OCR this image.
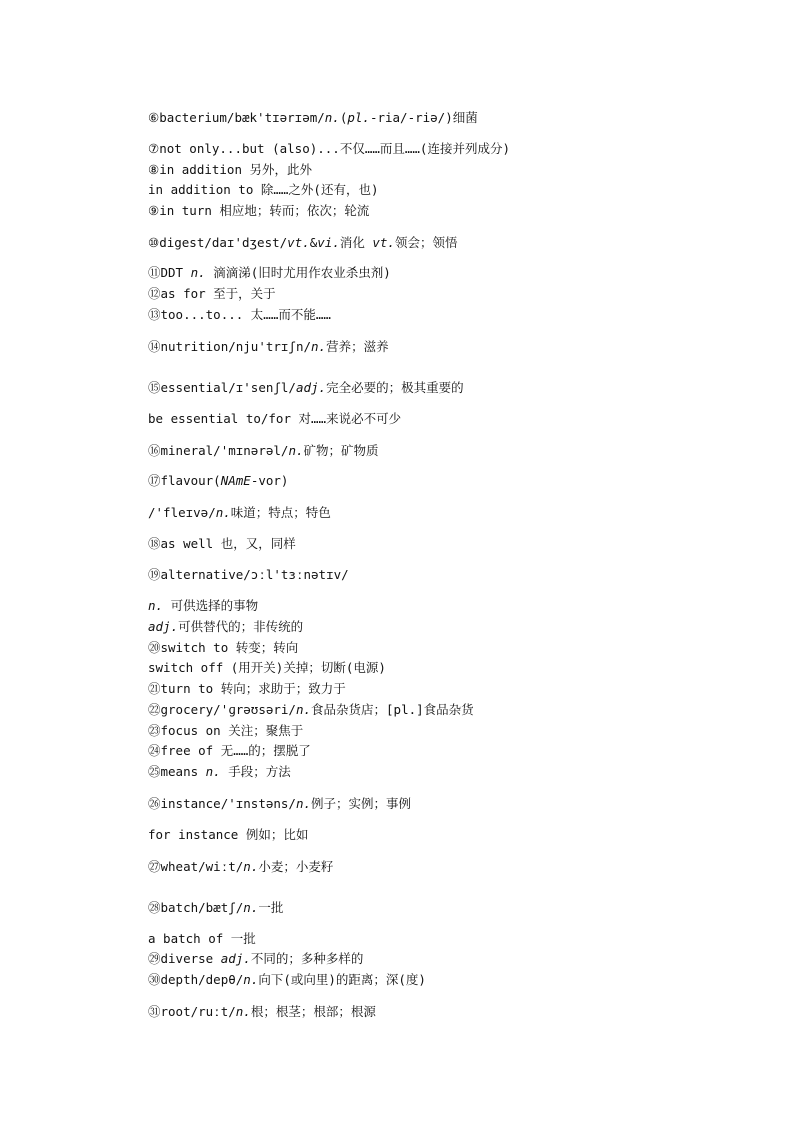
⑥bacterium/bæk'tɪərɪəm/n.(pl.-ria/-riə/)细菌
⑦not only...but (also)...不仅……而且……(连接并列成分)
⑧in addition 另外，此外
in addition to 除……之外(还有，也)
⑨in turn 相应地；转而；依次；轮流
⑩digest/daɪ'dʒest/vt.&vi.消化 vt.领会；领悟
⑪DDT n. 滴滴涕(旧时尤用作农业杀虫剂)
⑫as for 至于，关于
⑬too...to... 太……而不能……
⑭nutrition/nju'trɪʃn/n.营养；滋养
⑮essential/ɪ'senʃl/adj.完全必要的；极其重要的
be essential to/for 对……来说必不可少
⑯mineral/'mɪnərəl/n.矿物；矿物质
⑰flavour(NAmE-vor)
/'fleɪvə/n.味道；特点；特色
⑱as well 也，又，同样
⑲alternative/ɔːl'tɜːnətɪv/
n. 可供选择的事物
adj.可供替代的；非传统的
⑳switch to 转变；转向
switch off (用开关)关掉；切断(电源)
㉑turn to 转向；求助于；致力于
㉒grocery/'ɡrəʊsəri/n.食品杂货店；[pl.]食品杂货
㉓focus on 关注；聚焦于
㉔free of 无……的；摆脱了
㉕means n. 手段；方法
㉖instance/'ɪnstəns/n.例子；实例；事例
for instance 例如；比如
㉗wheat/wiːt/n.小麦；小麦籽
㉘batch/bætʃ/n.一批
a batch of 一批
㉙diverse adj.不同的；多种多样的
㉚depth/depθ/n.向下(或向里)的距离；深(度)
㉛root/ruːt/n.根；根茎；根部；根源
